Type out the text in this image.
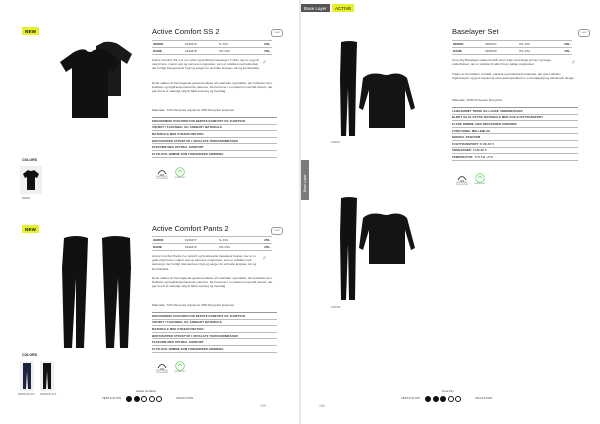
NEW	Active Comfort SS 2	CRAFT
HERRE	1916479	S–XXL	250,-
DAME	1916478	XS–XXL	250,-
♂
Active Comfort SS 2 er en t-shirt og funktionel baselayer T-shirt, der er et godt valg til ture i varmt vejr og varmere omgivelser, som er udviklet med teknologi, der hurtigt transporterer fugt og sørger for at holde kroppen tør og komfortabel.
Dette støttes af fremragende genanvendelse af materialer og kvalitet, der forbedrer den åndbare og fugttransporterende ydeevne. Det kommer i en pasform med lidt stretch, der gør det til et naturligt valg til både træning og hverdag.
Materiale: 72% Recycled polyamid, 28% Recycled polyester
ERGONOMISK PASFORM FOR BEDSTE KOMFORT OG FUNKTION
UDFØRT I FLEKSIBEL OG ÅNDBART MATERIALE
MATERIALE MED STRÆKFUNKTION
BODYMAPPED STRUKTUR I UDVALGTE TERRAINOMRÅDER
PASFORM MED OPTIMAL KOMFORT
FLATLOCK-SØMME SOM FORHINDRER GNIDNING
RECYCLED POLYESTER	QUICK DRY
COLORS
999000
NEW	Active Comfort Pants 2	CRAFT
HERRE	1916477	S–XXL	250,-
DAME	1916476	XS–XXL	250,-
♂
Active Comfort Pants 2 er stretch og funktionelle baselayer bukser, der er et godt valg til ture i varmt vejr og varmere omgivelser, som er udviklet med teknologi, der hurtigt transporterer fugt og sørger for at holde kroppen tør og komfortabel.
Dette støttes af fremragende genanvendelse af materialer og kvalitet, der forbedrer den åndbare og fugttransporterende ydeevne. Det kommer i en pasform med lidt stretch, der gør det til et naturligt valg til både træning og hverdag.
Materiale: 72% Recycled polyamid, 28% Recycled polyester
ERGONOMISK PASFORM FOR BEDSTE KOMFORT OG FUNKTION
UDFØRT I FLEKSIBEL OG ÅNDBART MATERIALE
MATERIALE MED STRÆKFUNKTION
BODYMAPPED STRUKTUR I UDVALGTE TERRAINOMRÅDER
PASFORM MED OPTIMAL KOMFORT
FLATLOCK-SØMME SOM FORHINDRER GNIDNING
RECYCLED POLYESTER	QUICK DRY
COLORS
999000 BLACK	999000 BLACK
Active Comfort
VENTILATION	INSULATION
159
Base Layer	ACTIVE
Base Layer
1909707
1909706
Baselayer Set	CRAFT
HERRE	1909707	XS–XXL	360,-
DAME	1909706	XS–XXL	400,-
♂
Core Dry Baselayer-sættet består af en trøje med lange ærmer og lange underbukser, der er udviklet til aktiv brug i kølige omgivelser.
Trøjen er fremstillet i et blødt, elastisk og funktionelt materiale, der giver effektiv fugttransport og god regulering af kropstemperaturen i et behageligt og funktionelt design.
Materiale: 100% Polyester Recycled
LANGÆRMET TRØJE OG LANGE UNDERBUKSER
BLØDT OG ELASTISK MATERIALE MED GOD FUGTTRANSPORT
FLADE SØMME, DER REDUCERER GNIDNING
FUNKTIONEL MELLEMLAG
NORMAL PASFORM
FUGTTRANSPORT: 3 UD AF 5
ÅNDBARHED: 4 UD AF 5
TEMPERATUR: -5°C TIL +5°C
RECYCLED POLYESTER	QUICK DRY
Core Dry
VENTILATION	INSULATION
160
